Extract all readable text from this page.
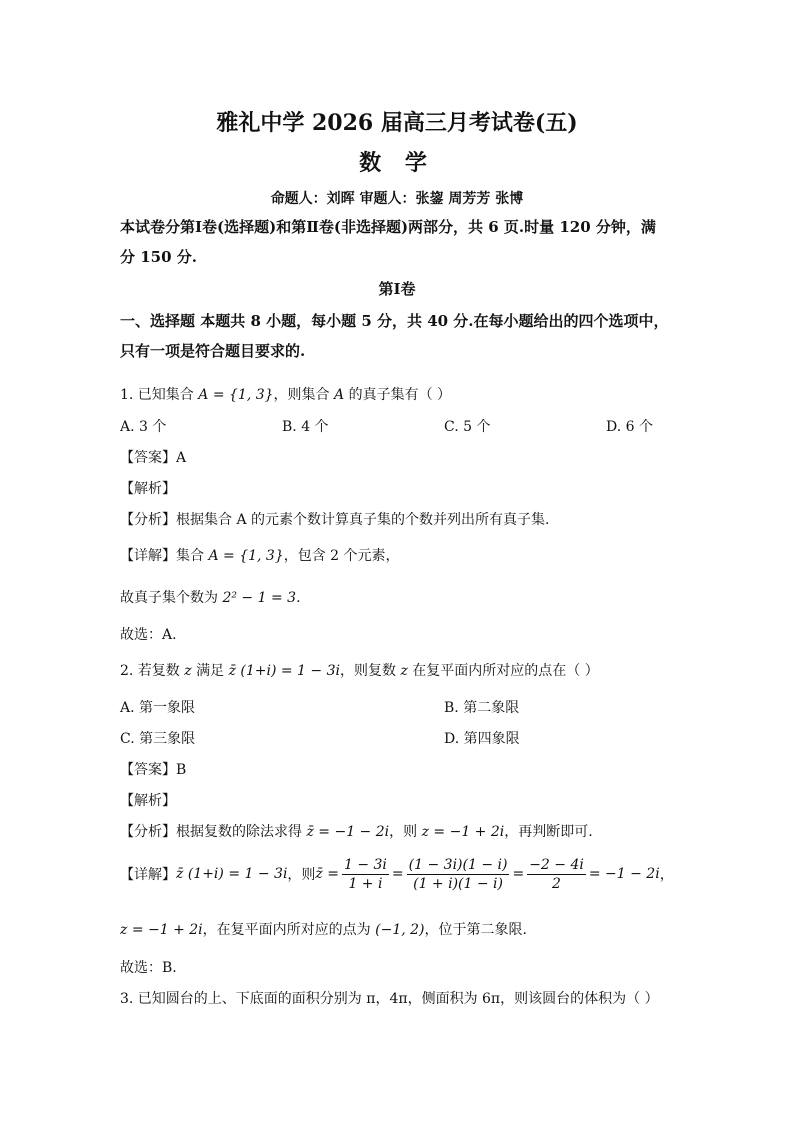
雅礼中学 2026 届高三月考试卷(五)
数 学
命题人：刘晖 审题人：张鋆 周芳芳 张博
本试卷分第Ⅰ卷(选择题)和第Ⅱ卷(非选择题)两部分，共 6 页.时量 120 分钟，满
分 150 分.
第Ⅰ卷
一、选择题 本题共 8 小题，每小题 5 分，共 40 分.在每小题给出的四个选项中，
只有一项是符合题目要求的.
1. 已知集合 A = {1, 3}，则集合 A 的真子集有（ ）
A. 3 个	B. 4 个	C. 5 个	D. 6 个
【答案】A
【解析】
【分析】根据集合 A 的元素个数计算真子集的个数并列出所有真子集.
【详解】集合 A = {1, 3}，包含 2 个元素，
故真子集个数为 2² − 1 = 3.
故选：A.
2. 若复数 z 满足 z̄ (1+i) = 1 − 3i，则复数 z 在复平面内所对应的点在（ ）
A. 第一象限	B. 第二象限
C. 第三象限	D. 第四象限
【答案】B
【解析】
【分析】根据复数的除法求得 z̄ = −1 − 2i，则 z = −1 + 2i，再判断即可.
【详解】 z̄ (1+i) = 1 − 3i ，则 z̄ = $\frac{1 - 3i}{1 + i} = \frac{(1 - 3i)(1 - i)}{(1 + i)(1 - i)} = \frac{-2 - 4i}{2} = -1 - 2i$ ，
z = −1 + 2i，在复平面内所对应的点为 (−1, 2)，位于第二象限.
故选：B.
3. 已知圆台的上、下底面的面积分别为 π，4π，侧面积为 6π，则该圆台的体积为（ ）
